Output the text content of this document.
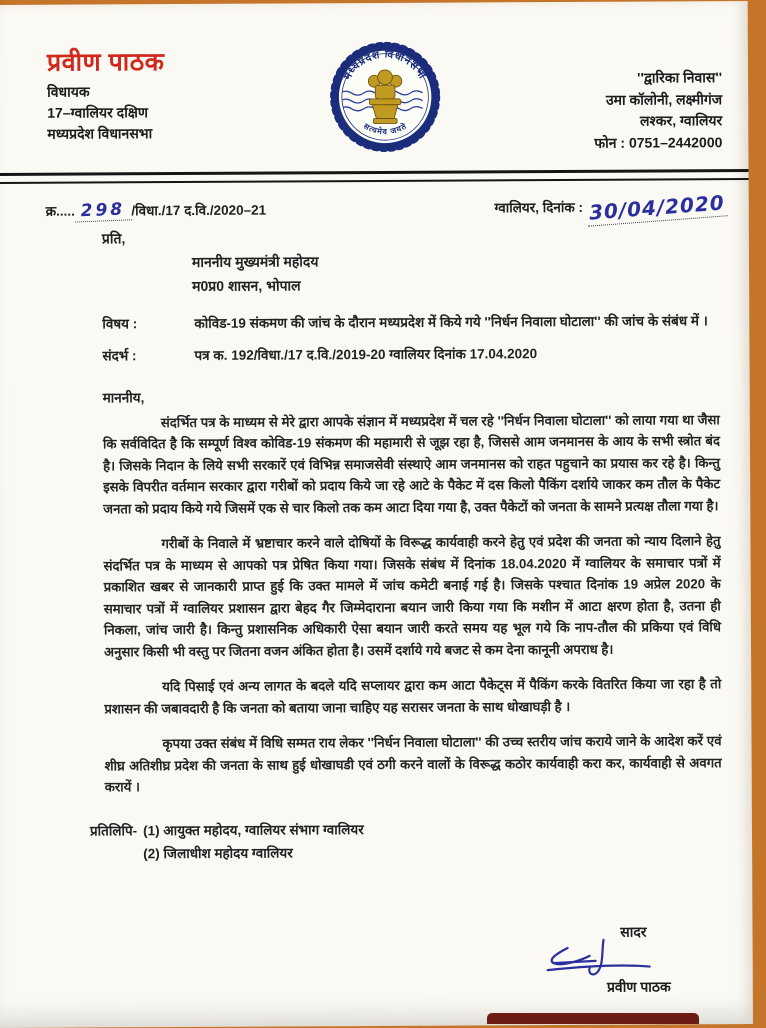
प्रवीण पाठक
विधायक
17–ग्वालियर दक्षिण
मध्यप्रदेश विधानसभा
मध्यप्रदेश विधानसभा
सत्यमेव जयते
''द्वारिका निवास''
उमा कॉलोनी, लक्ष्मीगंज
लश्कर, ग्वालियर
फोन : 0751–2442000
क्र..... 298 /विधा./17 द.वि./2020–21	ग्वालियर, दिनांक : 30/04/2020
प्रति,
माननीय मुख्यमंत्री महोदय
म0प्र0 शासन, भोपाल
विषय :	कोविड-19 संकमण की जांच के दौरान मध्यप्रदेश में किये गये ''निर्धन निवाला घोटाला'' की जांच के संबंध में ।
संदर्भ :	पत्र क. 192/विधा./17 द.वि./2019-20 ग्वालियर दिनांक 17.04.2020
माननीय,

संदर्भित पत्र के माध्यम से मेरे द्वारा आपके संज्ञान में मध्यप्रदेश में चल रहे ''निर्धन निवाला घोटाला'' को लाया गया था जैसा कि सर्वविदित है कि सम्पूर्ण विश्व कोविड-19 संकमण की महामारी से जूझ रहा है, जिससे आम जनमानस के आय के सभी स्त्रोत बंद है। जिसके निदान के लिये सभी सरकारें एवं विभिन्न समाजसेवी संस्थाऐ आम जनमानस को राहत पहुचाने का प्रयास कर रहे है। किन्तु इसके विपरीत वर्तमान सरकार द्वारा गरीबों को प्रदाय किये जा रहे आटे के पैकेट में दस किलो पैकिंग दर्शाये जाकर कम तौल के पैकेट जनता को प्रदाय किये गये जिसमें एक से चार किलो तक कम आटा दिया गया है, उक्त पैकेटों को जनता के सामने प्रत्यक्ष तौला गया है।

गरीबों के निवाले में भ्रष्टाचार करने वाले दोषियों के विरूद्ध कार्यवाही करने हेतु एवं प्रदेश की जनता को न्याय दिलाने हेतु संदर्भित पत्र के माध्यम से आपको पत्र प्रेषित किया गया। जिसके संबंध में दिनांक 18.04.2020 में ग्वालियर के समाचार पत्रों में प्रकाशित खबर से जानकारी प्राप्त हुई कि उक्त मामले में जांच कमेटी बनाई गई है। जिसके पश्चात दिनांक 19 अप्रेल 2020 के समाचार पत्रों में ग्वालियर प्रशासन द्वारा बेहद गैर जिम्मेदाराना बयान जारी किया गया कि मशीन में आटा क्षरण होता है, उतना ही निकला, जांच जारी है। किन्तु प्रशासनिक अधिकारी ऐसा बयान जारी करते समय यह भूल गये कि नाप-तौल की प्रकिया एवं विधि अनुसार किसी भी वस्तु पर जितना वजन अंकित होता है। उसमें दर्शाये गये बजट से कम देना कानूनी अपराध है।

यदि पिसाई एवं अन्य लागत के बदले यदि सप्लायर द्वारा कम आटा पैकेट्स में पैकिंग करके वितरित किया जा रहा है तो प्रशासन की जबावदारी है कि जनता को बताया जाना चाहिए यह सरासर जनता के साथ धोखाघड़ी है ।

कृपया उक्त संबंध में विधि सम्मत राय लेकर ''निर्धन निवाला घोटाला'' की उच्च स्तरीय जांच कराये जाने के आदेश करें एवं शीघ्र अतिशीघ्र प्रदेश की जनता के साथ हुई धोखाघडी एवं ठगी करने वालों के विरूद्ध कठोर कार्यवाही करा कर, कार्यवाही से अवगत करायें ।

प्रतिलिपि- (1) आयुक्त महोदय, ग्वालियर संभाग ग्वालियर
(2) जिलाधीश महोदय ग्वालियर
सादर
प्रवीण पाठक
